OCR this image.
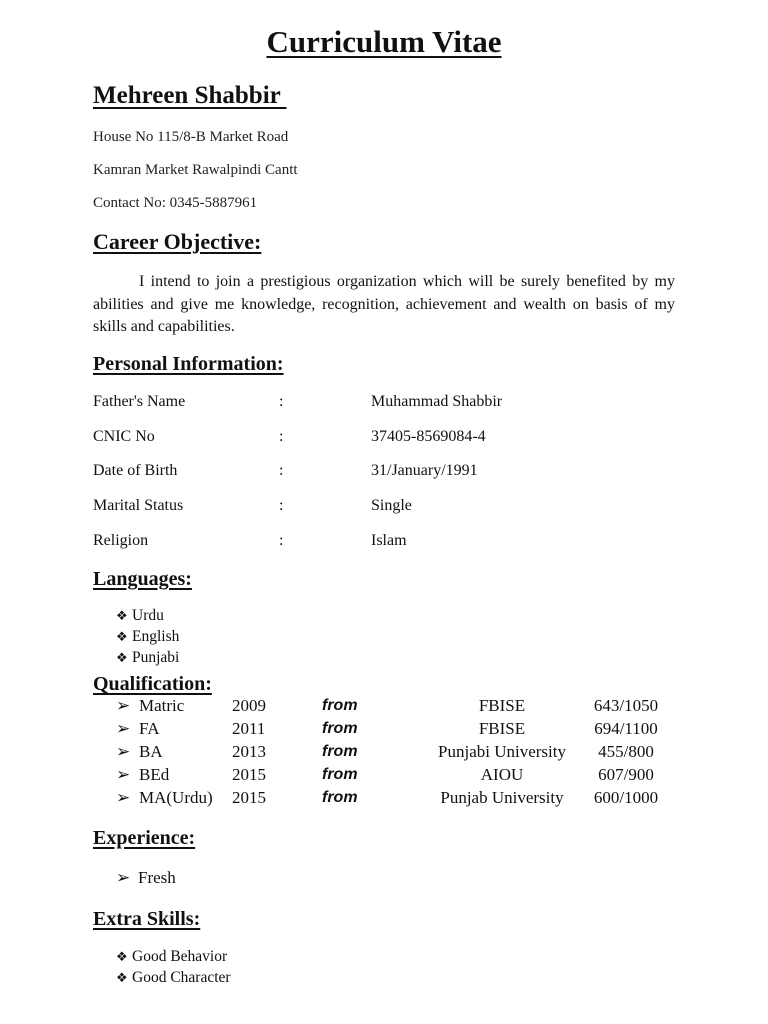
Curriculum Vitae
Mehreen Shabbir
House No 115/8-B Market Road
Kamran Market Rawalpindi Cantt
Contact No: 0345-5887961
Career Objective:

I intend to join a prestigious organization which will be surely benefited by my abilities and give me knowledge, recognition, achievement and wealth on basis of my skills and capabilities.

Personal Information:
Father's Name	:	Muhammad Shabbir
CNIC No	:	37405-8569084-4
Date of Birth	:	31/January/1991
Marital Status	:	Single
Religion	:	Islam
Languages:
❖ Urdu
❖ English
❖ Punjabi
Qualification:
➢ Matric	2009	from	FBISE	643/1050
➢ FA	2011	from	FBISE	694/1100
➢ BA	2013	from	Punjabi University	455/800
➢ BEd	2015	from	AIOU	607/900
➢ MA(Urdu) 2015	from	Punjab University	600/1000
Experience:
➢ Fresh
Extra Skills:
❖ Good Behavior
❖ Good Character
